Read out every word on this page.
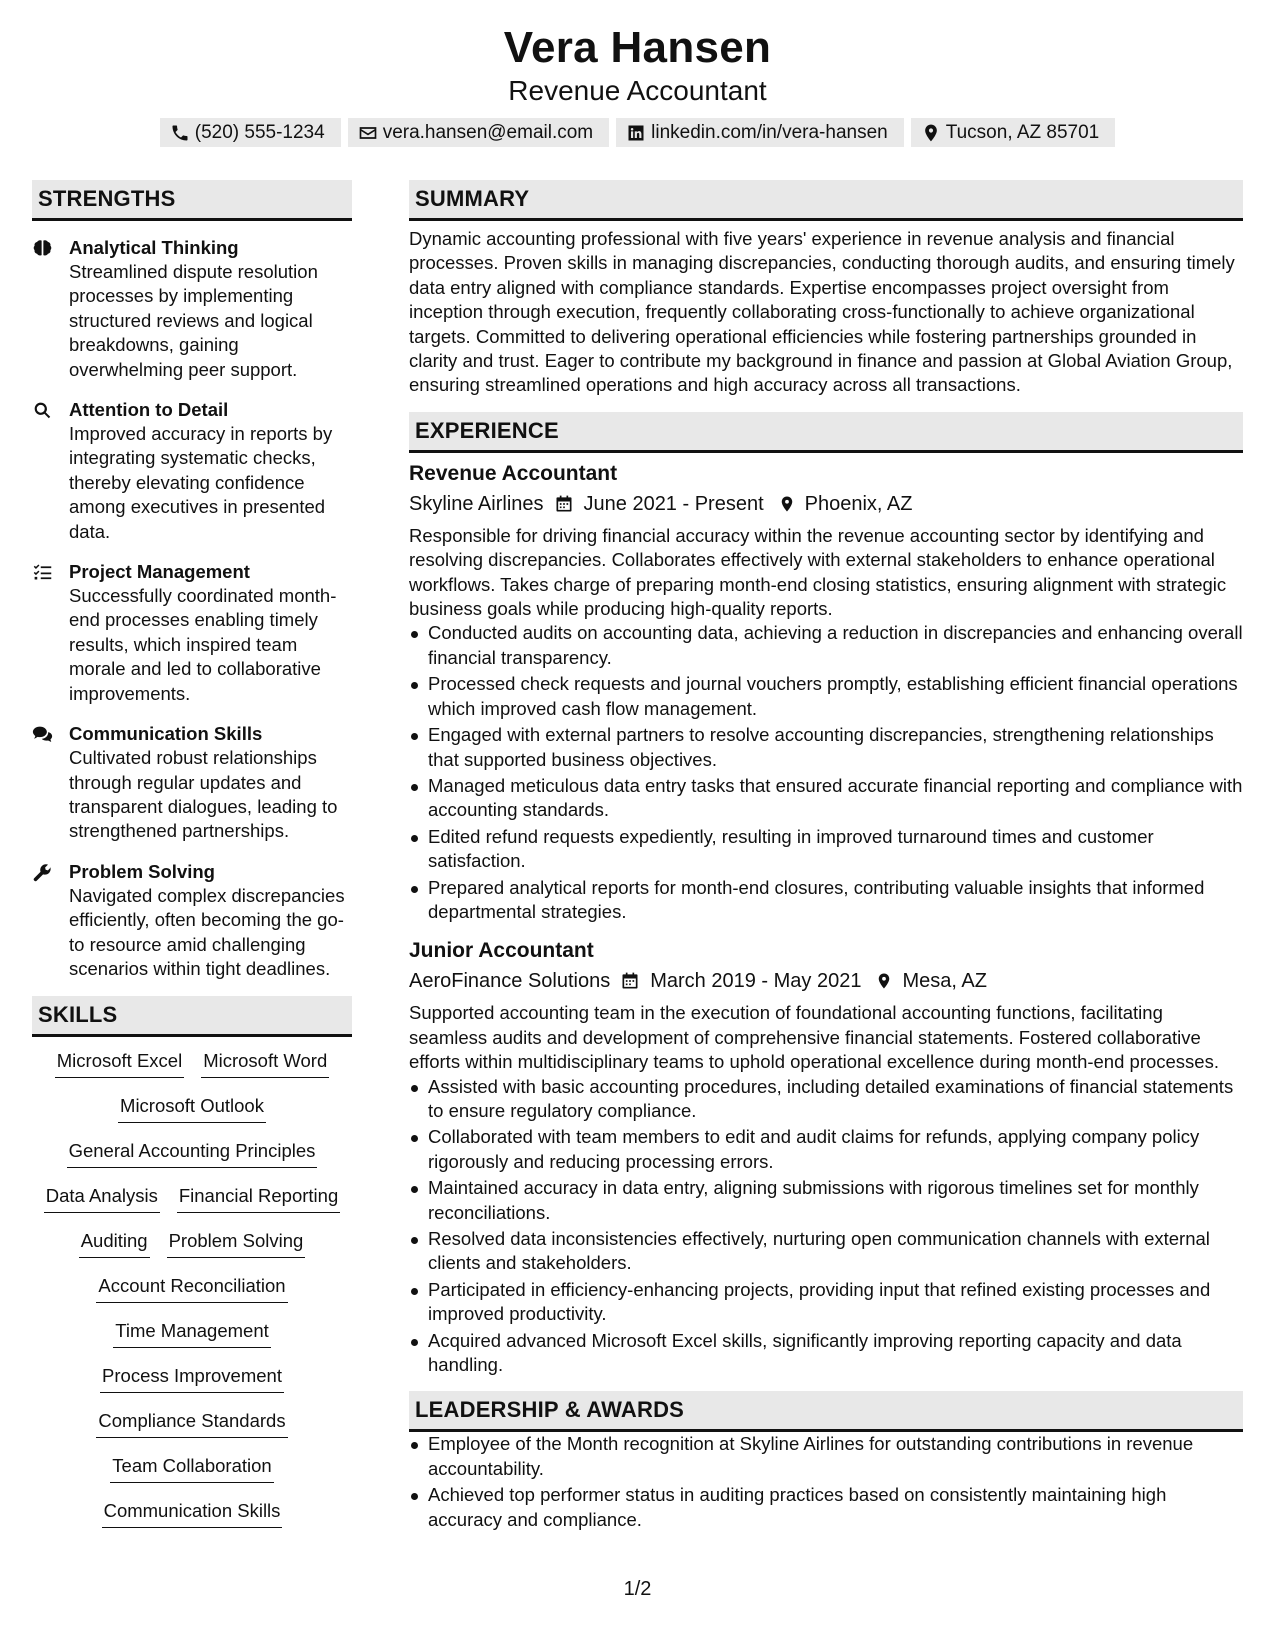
Vera Hansen
Revenue Accountant
(520) 555-1234	vera.hansen@email.com	linkedin.com/in/vera-hansen	Tucson, AZ 85701
STRENGTHS
Analytical Thinking
Streamlined dispute resolution processes by implementing structured reviews and logical breakdowns, gaining overwhelming peer support.
Attention to Detail
Improved accuracy in reports by integrating systematic checks, thereby elevating confidence among executives in presented data.
Project Management
Successfully coordinated month-end processes enabling timely results, which inspired team morale and led to collaborative improvements.
Communication Skills
Cultivated robust relationships through regular updates and transparent dialogues, leading to strengthened partnerships.
Problem Solving
Navigated complex discrepancies efficiently, often becoming the go-to resource amid challenging scenarios within tight deadlines.
SKILLS
Microsoft Excel Microsoft Word
Microsoft Outlook
General Accounting Principles
Data Analysis Financial Reporting
Auditing Problem Solving
Account Reconciliation
Time Management
Process Improvement
Compliance Standards
Team Collaboration
Communication Skills
SUMMARY

Dynamic accounting professional with five years' experience in revenue analysis and financial processes. Proven skills in managing discrepancies, conducting thorough audits, and ensuring timely data entry aligned with compliance standards. Expertise encompasses project oversight from inception through execution, frequently collaborating cross-functionally to achieve organizational targets. Committed to delivering operational efficiencies while fostering partnerships grounded in clarity and trust. Eager to contribute my background in finance and passion at Global Aviation Group, ensuring streamlined operations and high accuracy across all transactions.

EXPERIENCE
Revenue Accountant
Skyline Airlines June 2021 - Present Phoenix, AZ

Responsible for driving financial accuracy within the revenue accounting sector by identifying and resolving discrepancies. Collaborates effectively with external stakeholders to enhance operational workflows. Takes charge of preparing month-end closing statistics, ensuring alignment with strategic business goals while producing high-quality reports.

Conducted audits on accounting data, achieving a reduction in discrepancies and enhancing overall financial transparency.
Processed check requests and journal vouchers promptly, establishing efficient financial operations which improved cash flow management.
Engaged with external partners to resolve accounting discrepancies, strengthening relationships that supported business objectives.
Managed meticulous data entry tasks that ensured accurate financial reporting and compliance with accounting standards.
Edited refund requests expediently, resulting in improved turnaround times and customer satisfaction.
Prepared analytical reports for month-end closures, contributing valuable insights that informed departmental strategies.
Junior Accountant
AeroFinance Solutions March 2019 - May 2021 Mesa, AZ

Supported accounting team in the execution of foundational accounting functions, facilitating seamless audits and development of comprehensive financial statements. Fostered collaborative efforts within multidisciplinary teams to uphold operational excellence during month-end processes.

Assisted with basic accounting procedures, including detailed examinations of financial statements to ensure regulatory compliance.
Collaborated with team members to edit and audit claims for refunds, applying company policy rigorously and reducing processing errors.
Maintained accuracy in data entry, aligning submissions with rigorous timelines set for monthly reconciliations.
Resolved data inconsistencies effectively, nurturing open communication channels with external clients and stakeholders.
Participated in efficiency-enhancing projects, providing input that refined existing processes and improved productivity.
Acquired advanced Microsoft Excel skills, significantly improving reporting capacity and data handling.
LEADERSHIP & AWARDS
Employee of the Month recognition at Skyline Airlines for outstanding contributions in revenue accountability.
Achieved top performer status in auditing practices based on consistently maintaining high accuracy and compliance.
1/2
